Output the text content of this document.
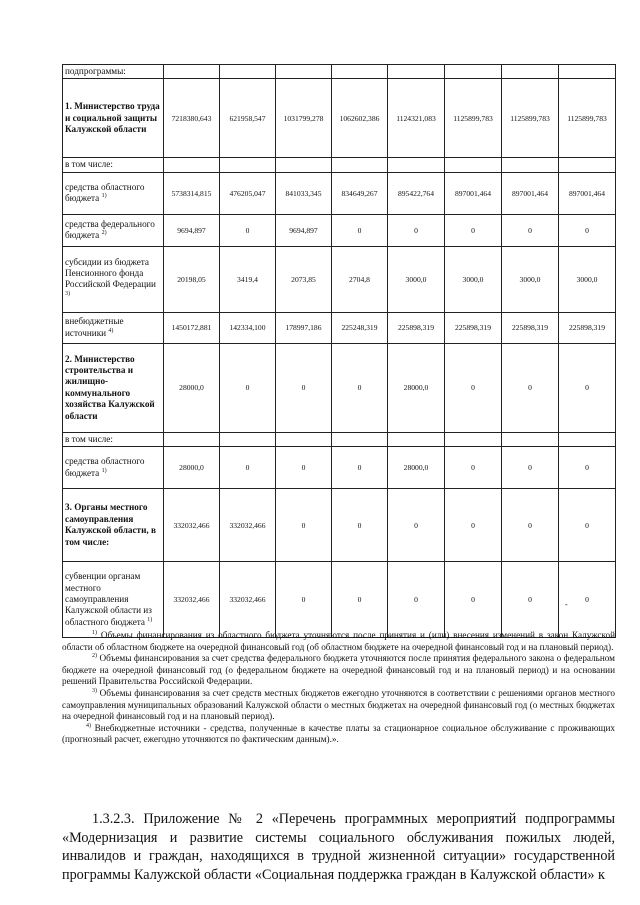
подпрограммы:								
1. Министерство труда и социальной защиты Калужской области	7218380,643	621958,547	1031799,278	1062602,386	1124321,083	1125899,783	1125899,783	1125899,783
в том числе:								
средства областного бюджета $^{1)}$	5738314,815	476205,047	841033,345	834649,267	895422,764	897001,464	897001,464	897001,464
средства федерального бюджета $^{2)}$	9694,897	0	9694,897	0	0	0	0	0
субсидии из бюджета Пенсионного фонда Российской Федерации $^{3)}$	20198,05	3419,4	2073,85	2704,8	3000,0	3000,0	3000,0	3000,0
внебюджетные источники $^{4)}$	1450172,881	142334,100	178997,186	225248,319	225898,319	225898,319	225898,319	225898,319
2. Министерство строительства и жилищно-коммунального хозяйства Калужской области	28000,0	0	0	0	28000,0	0	0	0
в том числе:								
средства областного бюджета $^{1)}$	28000,0	0	0	0	28000,0	0	0	0
3. Органы местного самоуправления Калужской области, в том числе:	332032,466	332032,466	0	0	0	0	0	0
субвенции органам местного самоуправления Калужской области из областного бюджета $^{1)}$	332032,466	332032,466	0	0	0	0	0	0
-

$^{1)}$ Объемы финансирования из областного бюджета уточняются после принятия и (или) внесения изменений в закон Калужской области об областном бюджете на очередной финансовый год (об областном бюджете на очередной финансовый год и на плановый период).

$^{2)}$ Объемы финансирования за счет средства федерального бюджета уточняются после принятия федерального закона о федеральном бюджете на очередной финансовый год (о федеральном бюджете на очередной финансовый год и на плановый период) и на основании решений Правительства Российской Федерации.

$^{3)}$ Объемы финансирования за счет средств местных бюджетов ежегодно уточняются в соответствии с решениями органов местного самоуправления муниципальных образований Калужской области о местных бюджетах на очередной финансовый год (о местных бюджетах на очередной финансовый год и на плановый период).

$^{4)}$ Внебюджетные источники - средства, полученные в качестве платы за стационарное социальное обслуживание с проживающих (прогнозный расчет, ежегодно уточняются по фактическим данным).».

1.3.2.3. Приложение № 2 «Перечень программных мероприятий подпрограммы «Модернизация и развитие системы социального обслуживания пожилых людей, инвалидов и граждан, находящихся в трудной жизненной ситуации» государственной программы Калужской области «Социальная поддержка граждан в Калужской области» к
